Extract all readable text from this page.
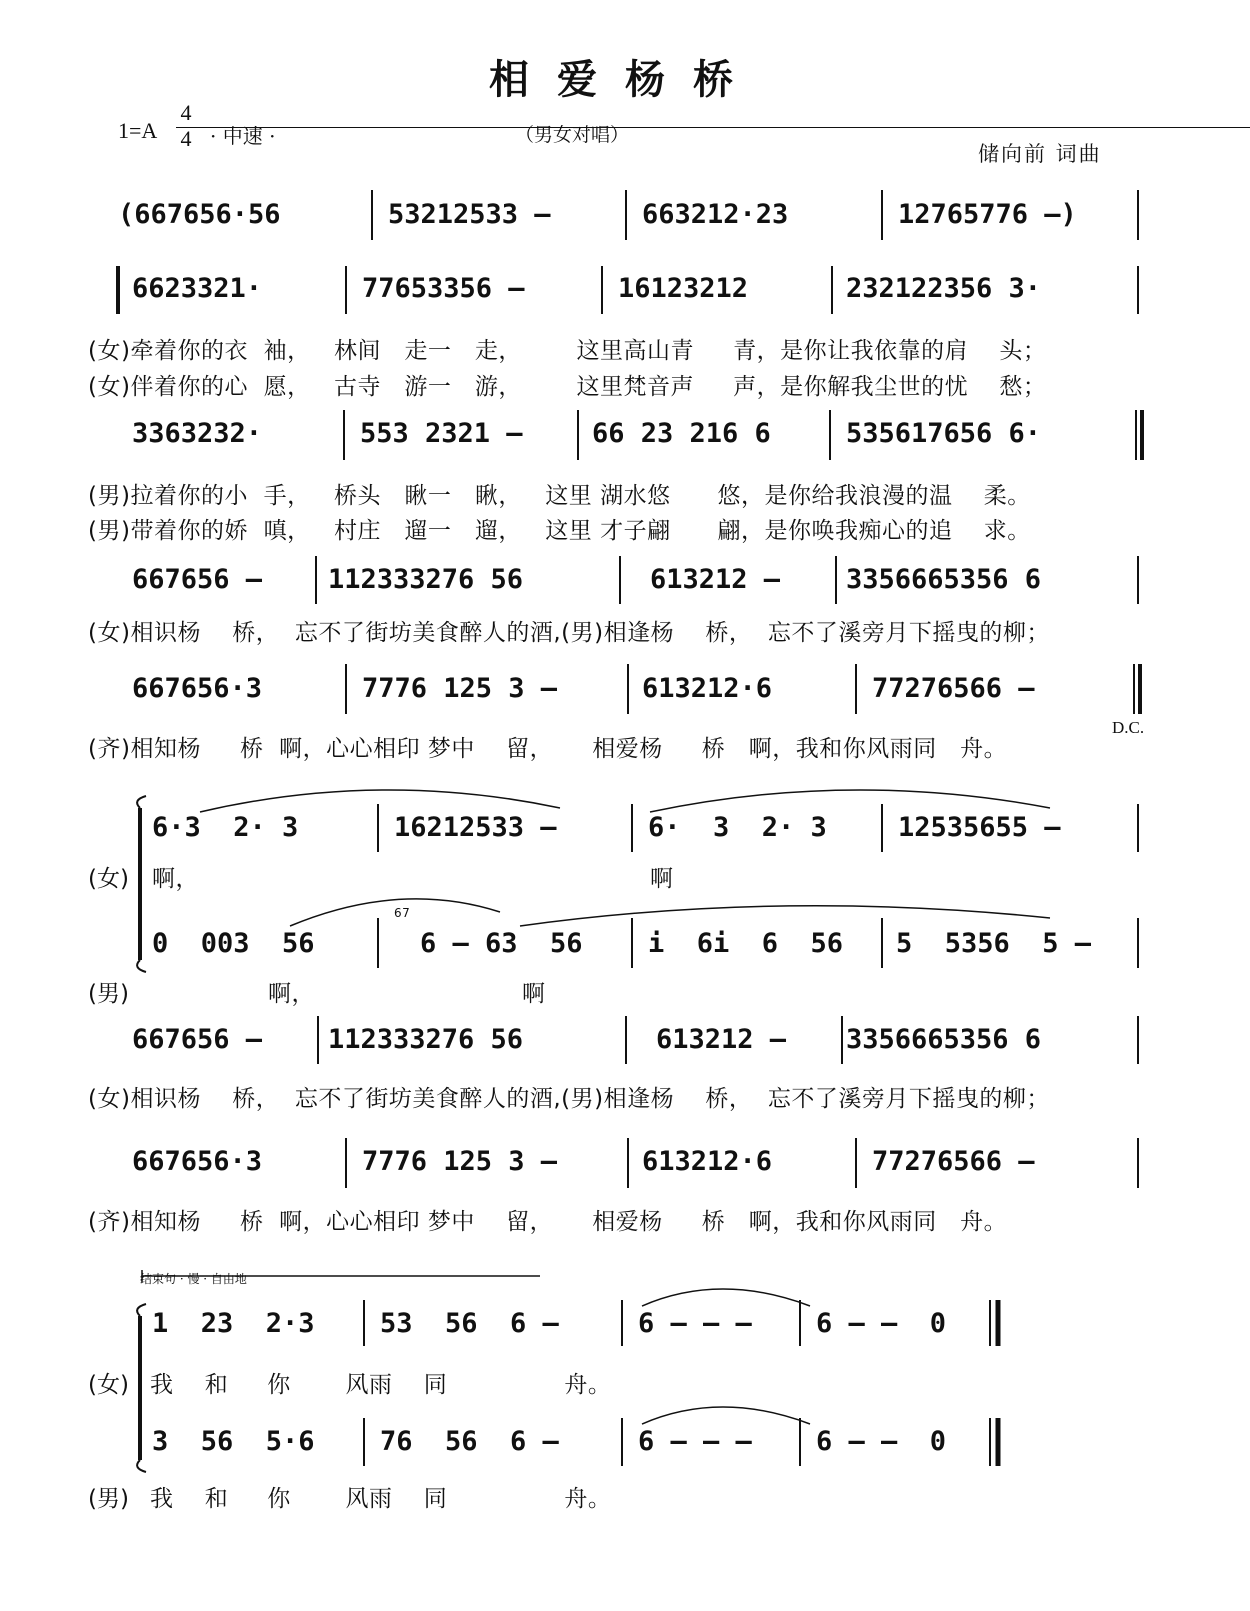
相爱杨桥
1=A
4
4 · 中速 ·	（男女对唱）
储向前 词曲
(667656·56	53212533 –	663212·23	12765776 –)
6623321·	77653356 –	16123212	232122356 3·
(女)牵着你的衣  袖，   林间   走一   走，       这里高山青     青，是你让我依靠的肩    头；
(女)伴着你的心  愿，   古寺   游一   游，       这里梵音声     声，是你解我尘世的忧    愁；
3363232·	553 2321 –	66 23 216 6	535617656 6·
(男)拉着你的小  手，   桥头   瞅一   瞅，   这里 湖水悠      悠，是你给我浪漫的温    柔。
(男)带着你的娇  嗔，   村庄   遛一   遛，   这里 才子翩      翩，是你唤我痴心的追    求。
667656 – 112333276 56	613212 – 3356665356 6
(女)相识杨    桥，  忘不了街坊美食醉人的酒,(男)相逢杨    桥，  忘不了溪旁月下摇曳的柳；
667656·3	7776 125 3 –	613212·6	77276566 –
(齐)相知杨     桥  啊，心心相印 梦中    留，     相爱杨     桥   啊，我和你风雨同   舟。
D.C.
6·3  2· 3	16212533 –	6·  3  2· 3	12535655 –
(女) 啊，	啊
0  003  56	6 – 63  56 i  6i  6  56 5  5356  5 –
(男)	啊，	啊
67
667656 – 112333276 56	613212 – 3356665356 6
(女)相识杨    桥，  忘不了街坊美食醉人的酒,(男)相逢杨    桥，  忘不了溪旁月下摇曳的柳；
667656·3	7776 125 3 –	613212·6	77276566 –
(齐)相知杨     桥  啊，心心相印 梦中    留，     相爱杨     桥   啊，我和你风雨同   舟。
结束句 · 慢 · 自由地
1  23  2·3 53  56  6 –	6 – – – 6 – –  0
(女) 我    和     你       风雨    同               舟。
3  56  5·6 76  56  6 –	6 – – – 6 – –  0
(男) 我    和     你       风雨    同               舟。
